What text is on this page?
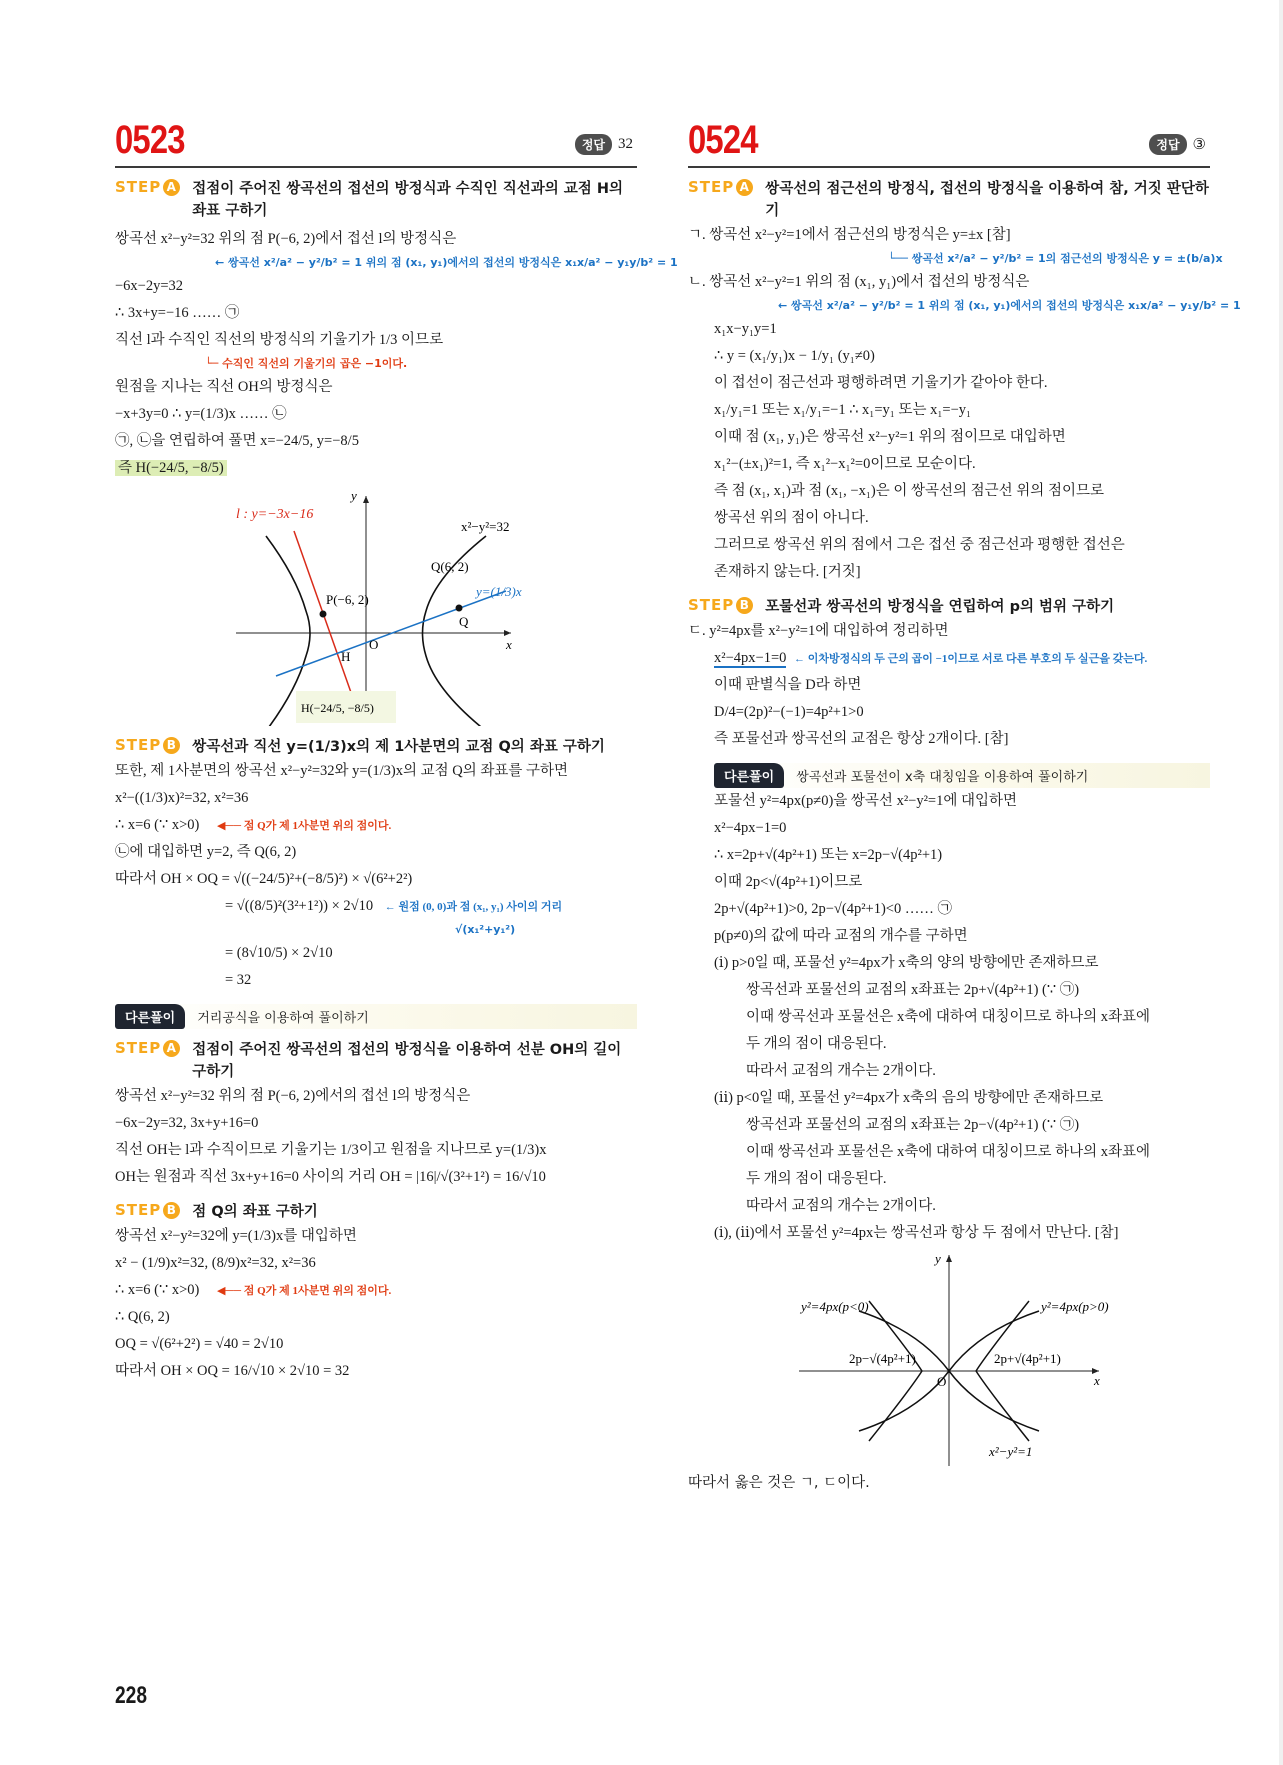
0523	정답 32
STEP A 접점이 주어진 쌍곡선의 접선의 방정식과 수직인 직선과의 교점 H의 좌표 구하기
쌍곡선 x²−y²=32 위의 점 P(−6, 2)에서 접선 l의 방정식은
← 쌍곡선 x²/a² − y²/b² = 1 위의 점 (x₁, y₁)에서의 접선의 방정식은 x₁x/a² − y₁y/b² = 1
−6x−2y=32
∴ 3x+y=−16 …… ㉠
직선 l과 수직인 직선의 방정식의 기울기가 1/3 이므로
└─ 수직인 직선의 기울기의 곱은 −1이다.
원점을 지나는 직선 OH의 방정식은
−x+3y=0 ∴ y=(1/3)x …… ㉡
㉠, ㉡을 연립하여 풀면 x=−24/5, y=−8/5
즉 H(−24/5, −8/5)
l : y=−3x−16
x²−y²=32
Q(6, 2)
y=(1/3)x
P(−6, 2)
Q
O
H
H(−24/5, −8/5)
x
y
STEP B 쌍곡선과 직선 y=(1/3)x의 제 1사분면의 교점 Q의 좌표 구하기
또한, 제 1사분면의 쌍곡선 x²−y²=32와 y=(1/3)x의 교점 Q의 좌표를 구하면
x²−((1/3)x)²=32, x²=36
∴ x=6 (∵ x>0) ◀── 점 Q가 제 1사분면 위의 점이다.
㉡에 대입하면 y=2, 즉 Q(6, 2)
따라서 OH × OQ = √((−24/5)²+(−8/5)²) × √(6²+2²)
= √((8/5)²(3²+1²)) × 2√10 ← 원점 (0, 0)과 점 (x₁, y₁) 사이의 거리
√(x₁²+y₁²)
= (8√10/5) × 2√10
= 32
다른풀이	거리공식을 이용하여 풀이하기
STEP A 접점이 주어진 쌍곡선의 접선의 방정식을 이용하여 선분 OH의 길이 구하기
쌍곡선 x²−y²=32 위의 점 P(−6, 2)에서의 접선 l의 방정식은
−6x−2y=32, 3x+y+16=0
직선 OH는 l과 수직이므로 기울기는 1/3이고 원점을 지나므로 y=(1/3)x
OH는 원점과 직선 3x+y+16=0 사이의 거리 OH = |16|/√(3²+1²) = 16/√10
STEP B 점 Q의 좌표 구하기
쌍곡선 x²−y²=32에 y=(1/3)x를 대입하면
x² − (1/9)x²=32, (8/9)x²=32, x²=36
∴ x=6 (∵ x>0) ◀── 점 Q가 제 1사분면 위의 점이다.
∴ Q(6, 2)
OQ = √(6²+2²) = √40 = 2√10
따라서 OH × OQ = 16/√10 × 2√10 = 32
228
0524	정답 ③
STEP A 쌍곡선의 점근선의 방정식, 접선의 방정식을 이용하여 참, 거짓 판단하기
ㄱ. 쌍곡선 x²−y²=1에서 점근선의 방정식은 y=±x [참]
└── 쌍곡선 x²/a² − y²/b² = 1의 점근선의 방정식은 y = ±(b/a)x
ㄴ. 쌍곡선 x²−y²=1 위의 점 (x₁, y₁)에서 접선의 방정식은
← 쌍곡선 x²/a² − y²/b² = 1 위의 점 (x₁, y₁)에서의 접선의 방정식은 x₁x/a² − y₁y/b² = 1
x₁x−y₁y=1
∴ y = (x₁/y₁)x − 1/y₁ (y₁≠0)
이 접선이 점근선과 평행하려면 기울기가 같아야 한다.
x₁/y₁=1 또는 x₁/y₁=−1 ∴ x₁=y₁ 또는 x₁=−y₁
이때 점 (x₁, y₁)은 쌍곡선 x²−y²=1 위의 점이므로 대입하면
x₁²−(±x₁)²=1, 즉 x₁²−x₁²=0이므로 모순이다.
즉 점 (x₁, x₁)과 점 (x₁, −x₁)은 이 쌍곡선의 점근선 위의 점이므로
쌍곡선 위의 점이 아니다.
그러므로 쌍곡선 위의 점에서 그은 접선 중 점근선과 평행한 접선은
존재하지 않는다. [거짓]
STEP B 포물선과 쌍곡선의 방정식을 연립하여 p의 범위 구하기
ㄷ. y²=4px를 x²−y²=1에 대입하여 정리하면
x²−4px−1=0 ← 이차방정식의 두 근의 곱이 −1이므로 서로 다른 부호의 두 실근을 갖는다.
이때 판별식을 D라 하면
D/4=(2p)²−(−1)=4p²+1>0
즉 포물선과 쌍곡선의 교점은 항상 2개이다. [참]
다른풀이	쌍곡선과 포물선이 x축 대칭임을 이용하여 풀이하기
포물선 y²=4px(p≠0)을 쌍곡선 x²−y²=1에 대입하면
x²−4px−1=0
∴ x=2p+√(4p²+1) 또는 x=2p−√(4p²+1)
이때 2p<√(4p²+1)이므로
2p+√(4p²+1)>0, 2p−√(4p²+1)<0 …… ㉠
p(p≠0)의 값에 따라 교점의 개수를 구하면
(ⅰ) p>0일 때, 포물선 y²=4px가 x축의 양의 방향에만 존재하므로
쌍곡선과 포물선의 교점의 x좌표는 2p+√(4p²+1) (∵ ㉠)
이때 쌍곡선과 포물선은 x축에 대하여 대칭이므로 하나의 x좌표에
두 개의 점이 대응된다.
따라서 교점의 개수는 2개이다.
(ⅱ) p<0일 때, 포물선 y²=4px가 x축의 음의 방향에만 존재하므로
쌍곡선과 포물선의 교점의 x좌표는 2p−√(4p²+1) (∵ ㉠)
이때 쌍곡선과 포물선은 x축에 대하여 대칭이므로 하나의 x좌표에
두 개의 점이 대응된다.
따라서 교점의 개수는 2개이다.
(ⅰ), (ⅱ)에서 포물선 y²=4px는 쌍곡선과 항상 두 점에서 만난다. [참]
y²=4px(p<0)	y²=4px(p>0)
2p−√(4p²+1)	2p+√(4p²+1)
O
x²−y²=1
x
y
따라서 옳은 것은 ㄱ, ㄷ이다.
